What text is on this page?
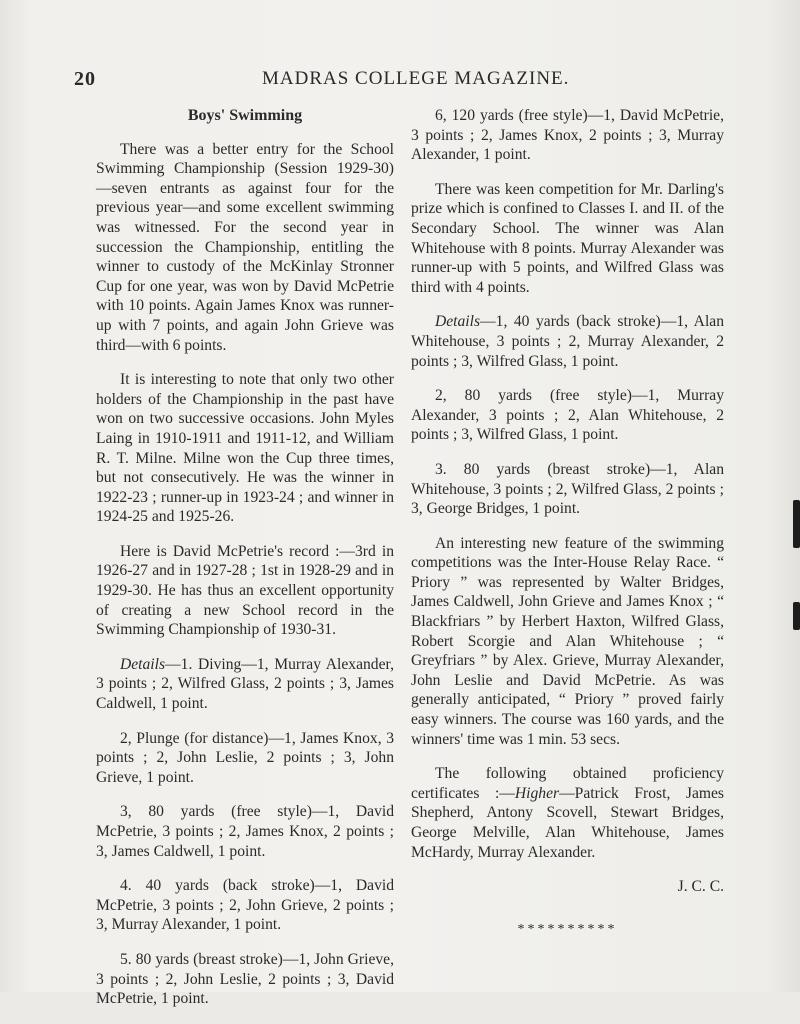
20	MADRAS COLLEGE MAGAZINE.
Boys' Swimming

There was a better entry for the School Swimming Championship (Session 1929-30) —seven entrants as against four for the previous year—and some excellent swimming was witnessed. For the second year in succession the Championship, entitling the winner to custody of the McKinlay Stronner Cup for one year, was won by David McPetrie with 10 points. Again James Knox was runner-up with 7 points, and again John Grieve was third—with 6 points.

It is interesting to note that only two other holders of the Championship in the past have won on two successive occasions. John Myles Laing in 1910-1911 and 1911-12, and William R. T. Milne. Milne won the Cup three times, but not consecutively. He was the winner in 1922-23 ; runner-up in 1923-24 ; and winner in 1924-25 and 1925-26.

Here is David McPetrie's record :—3rd in 1926-27 and in 1927-28 ; 1st in 1928-29 and in 1929-30. He has thus an excellent opportunity of creating a new School record in the Swimming Championship of 1930-31.

Details—1. Diving—1, Murray Alexander, 3 points ; 2, Wilfred Glass, 2 points ; 3, James Caldwell, 1 point.

2, Plunge (for distance)—1, James Knox, 3 points ; 2, John Leslie, 2 points ; 3, John Grieve, 1 point.

3, 80 yards (free style)—1, David McPetrie, 3 points ; 2, James Knox, 2 points ; 3, James Caldwell, 1 point.

4. 40 yards (back stroke)—1, David McPetrie, 3 points ; 2, John Grieve, 2 points ; 3, Murray Alexander, 1 point.

5. 80 yards (breast stroke)—1, John Grieve, 3 points ; 2, John Leslie, 2 points ; 3, David McPetrie, 1 point.

6, 120 yards (free style)—1, David McPetrie, 3 points ; 2, James Knox, 2 points ; 3, Murray Alexander, 1 point.

There was keen competition for Mr. Darling's prize which is confined to Classes I. and II. of the Secondary School. The winner was Alan Whitehouse with 8 points. Murray Alexander was runner-up with 5 points, and Wilfred Glass was third with 4 points.

Details—1, 40 yards (back stroke)—1, Alan Whitehouse, 3 points ; 2, Murray Alexander, 2 points ; 3, Wilfred Glass, 1 point.

2, 80 yards (free style)—1, Murray Alexander, 3 points ; 2, Alan Whitehouse, 2 points ; 3, Wilfred Glass, 1 point.

3. 80 yards (breast stroke)—1, Alan Whitehouse, 3 points ; 2, Wilfred Glass, 2 points ; 3, George Bridges, 1 point.

An interesting new feature of the swimming competitions was the Inter-House Relay Race. “ Priory ” was represented by Walter Bridges, James Caldwell, John Grieve and James Knox ; “ Blackfriars ” by Herbert Haxton, Wilfred Glass, Robert Scorgie and Alan Whitehouse ; “ Greyfriars ” by Alex. Grieve, Murray Alexander, John Leslie and David McPetrie. As was generally anticipated, “ Priory ” proved fairly easy winners. The course was 160 yards, and the winners' time was 1 min. 53 secs.

The following obtained proficiency certificates :—Higher—Patrick Frost, James Shepherd, Antony Scovell, Stewart Bridges, George Melville, Alan Whitehouse, James McHardy, Murray Alexander.

J. C. C.

**********
